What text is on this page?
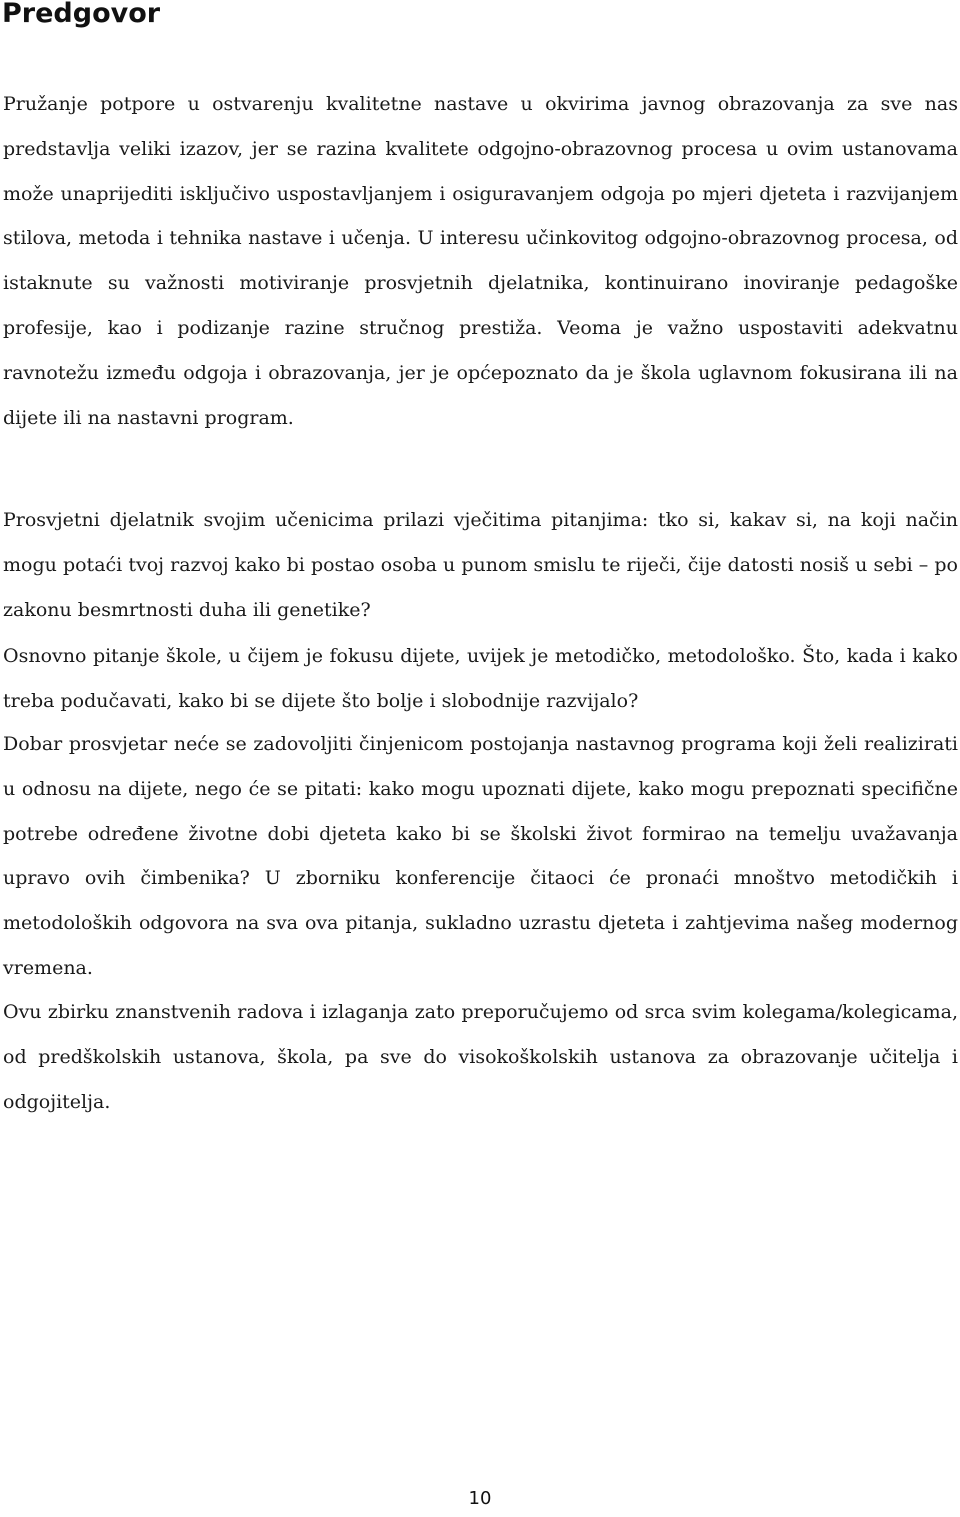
Predgovor

Pružanje potpore u ostvarenju kvalitetne nastave u okvirima javnog obrazovanja za sve nas predstavlja veliki izazov, jer se razina kvalitete odgojno-obrazovnog procesa u ovim ustanovama može unaprijediti isključivo uspostavljanjem i osiguravanjem odgoja po mjeri djeteta i razvijanjem stilova, metoda i tehnika nastave i učenja. U interesu učinkovitog odgojno-obrazovnog procesa, od istaknute su važnosti motiviranje prosvjetnih djelatnika, kontinuirano inoviranje pedagoške profesije, kao i podizanje razine stručnog prestiža. Veoma je važno uspostaviti adekvatnu ravnotežu između odgoja i obrazovanja, jer je općepoznato da je škola uglavnom fokusirana ili na dijete ili na nastavni program.

Prosvjetni djelatnik svojim učenicima prilazi vječitima pitanjima: tko si, kakav si, na koji način mogu potaći tvoj razvoj kako bi postao osoba u punom smislu te riječi, čije datosti nosiš u sebi – po zakonu besmrtnosti duha ili genetike?

Osnovno pitanje škole, u čijem je fokusu dijete, uvijek je metodičko, metodološko. Što, kada i kako treba podučavati, kako bi se dijete što bolje i slobodnije razvijalo?

Dobar prosvjetar neće se zadovoljiti činjenicom postojanja nastavnog programa koji želi realizirati u odnosu na dijete, nego će se pitati: kako mogu upoznati dijete, kako mogu prepoznati specifične potrebe određene životne dobi djeteta kako bi se školski život formirao na temelju uvažavanja upravo ovih čimbenika? U zborniku konferencije čitaoci će pronaći mnoštvo metodičkih i metodoloških odgovora na sva ova pitanja, sukladno uzrastu djeteta i zahtjevima našeg modernog vremena.

Ovu zbirku znanstvenih radova i izlaganja zato preporučujemo od srca svim kolegama/kolegicama, od predškolskih ustanova, škola, pa sve do visokoškolskih ustanova za obrazovanje učitelja i odgojitelja.

10
